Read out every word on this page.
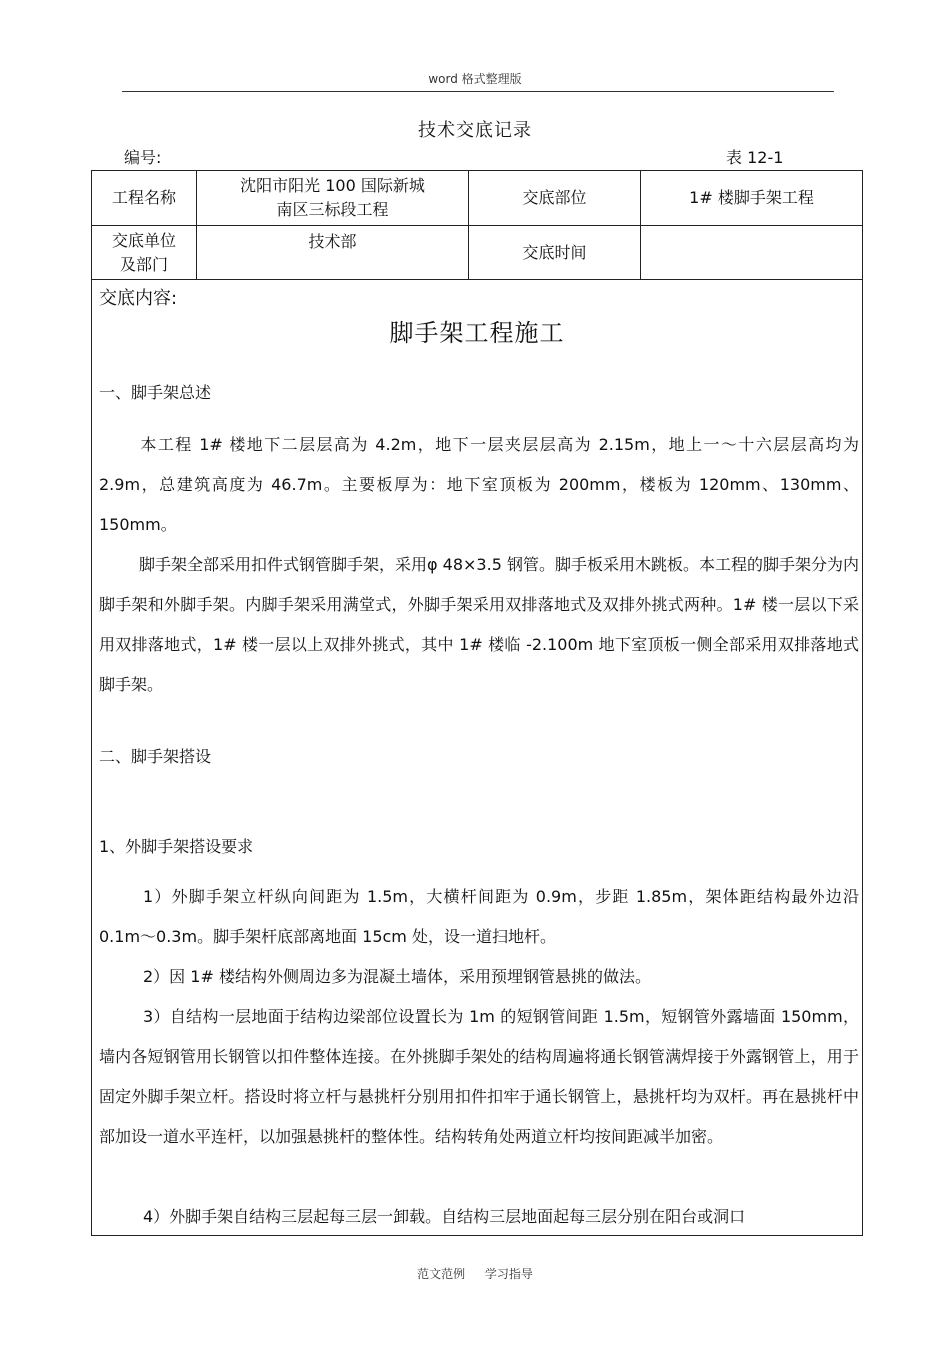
word 格式整理版
技术交底记录
编号:	表 12-1
工程名称
沈阳市阳光 100 国际新城
南区三标段工程
交底部位	1# 楼脚手架工程
交底单位
及部门
技术部
交底时间
交底内容:
脚手架工程施工
一、脚手架总述
本工程 1# 楼地下二层层高为 4.2m，地下一层夹层层高为 2.15m，地上一～十六层层高均为 2.9m，总建筑高度为 46.7m。主要板厚为：地下室顶板为 200mm，楼板为 120mm、130mm、150mm。
脚手架全部采用扣件式钢管脚手架，采用φ 48×3.5 钢管。脚手板采用木跳板。本工程的脚手架分为内脚手架和外脚手架。内脚手架采用满堂式，外脚手架采用双排落地式及双排外挑式两种。1# 楼一层以下采用双排落地式，1# 楼一层以上双排外挑式，其中 1# 楼临 -2.100m 地下室顶板一侧全部采用双排落地式脚手架。
二、脚手架搭设
1、外脚手架搭设要求
1）外脚手架立杆纵向间距为 1.5m，大横杆间距为 0.9m，步距 1.85m，架体距结构最外边沿 0.1m～0.3m。脚手架杆底部离地面 15cm 处，设一道扫地杆。
2）因 1# 楼结构外侧周边多为混凝土墙体，采用预埋钢管悬挑的做法。
3）自结构一层地面于结构边梁部位设置长为 1m 的短钢管间距 1.5m，短钢管外露墙面 150mm，墙内各短钢管用长钢管以扣件整体连接。在外挑脚手架处的结构周遍将通长钢管满焊接于外露钢管上，用于固定外脚手架立杆。搭设时将立杆与悬挑杆分别用扣件扣牢于通长钢管上，悬挑杆均为双杆。再在悬挑杆中部加设一道水平连杆，以加强悬挑杆的整体性。结构转角处两道立杆均按间距减半加密。
4）外脚手架自结构三层起每三层一卸载。自结构三层地面起每三层分别在阳台或洞口
范文范例 学习指导
